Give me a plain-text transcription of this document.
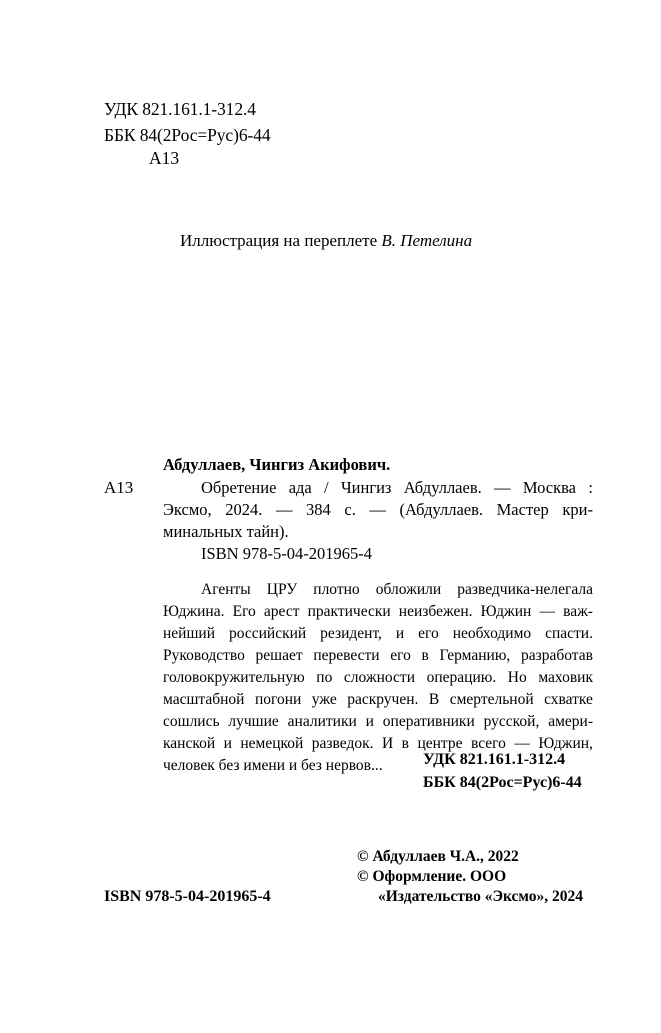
УДК 821.161.1-312.4
ББК 84(2Рос=Рус)6-44
А13
Иллюстрация на переплете В. Петелина
Абдуллаев, Чингиз Акифович.
А13	Обретение ада / Чингиз Абдуллаев. — Москва :
Эксмо, 2024. — 384 с. — (Абдуллаев. Мастер кри-
минальных тайн).
ISBN 978-5-04-201965-4
Агенты ЦРУ плотно обложили разведчика-нелегала
Юджина. Его арест практически неизбежен. Юджин — важ-
нейший российский резидент, и его необходимо спасти.
Руководство решает перевести его в Германию, разработав
головокружительную по сложности операцию. Но маховик
масштабной погони уже раскручен. В смертельной схватке
сошлись лучшие аналитики и оперативники русской, амери-
канской и немецкой разведок. И в центре всего — Юджин,
человек без имени и без нервов...	УДК 821.161.1-312.4
ББК 84(2Рос=Рус)6-44
© Абдуллаев Ч.А., 2022
© Оформление. ООО
«Издательство «Эксмо», 2024
ISBN 978-5-04-201965-4
